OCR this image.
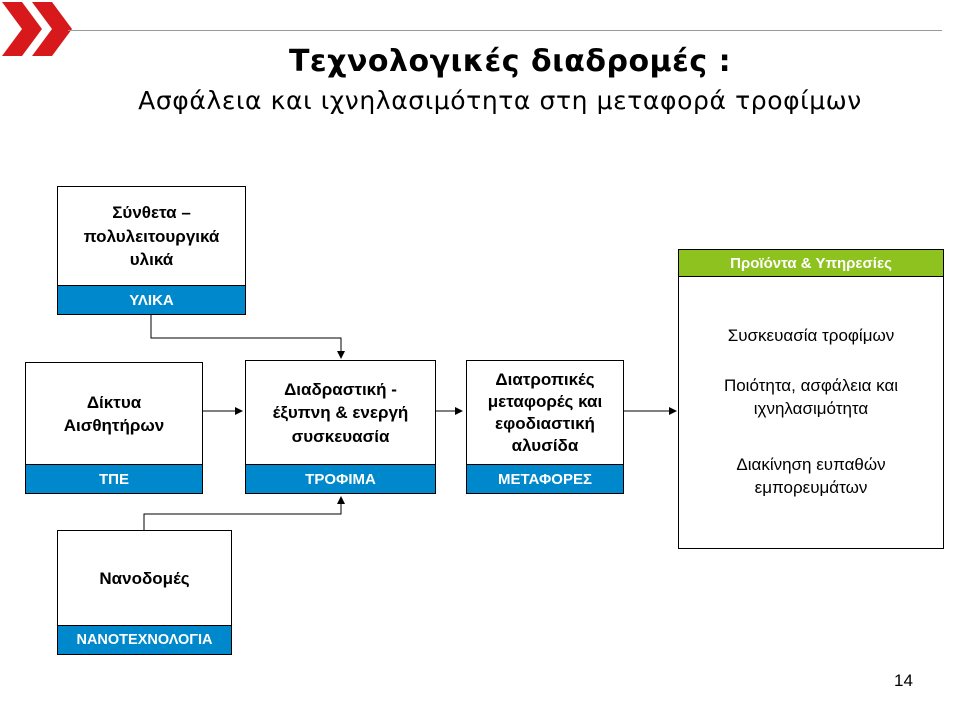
Τεχνολογικές διαδρομές :
Ασφάλεια και ιχνηλασιμότητα στη μεταφορά τροφίμων
Σύνθετα –
πολυλειτουργικά
υλικά
ΥΛΙΚΑ
Δίκτυα
Αισθητήρων
ΤΠΕ
Διαδραστική -
έξυπνη & ενεργή
συσκευασία
ΤΡΟΦΙΜΑ
Διατροπικές
μεταφορές και
εφοδιαστική
αλυσίδα
ΜΕΤΑΦΟΡΕΣ
Νανοδομές
ΝΑΝΟΤΕΧΝΟΛΟΓΙΑ
Προϊόντα & Υπηρεσίες
Συσκευασία τροφίμων
Ποιότητα, ασφάλεια και
ιχνηλασιμότητα
Διακίνηση ευπαθών
εμπορευμάτων
14
